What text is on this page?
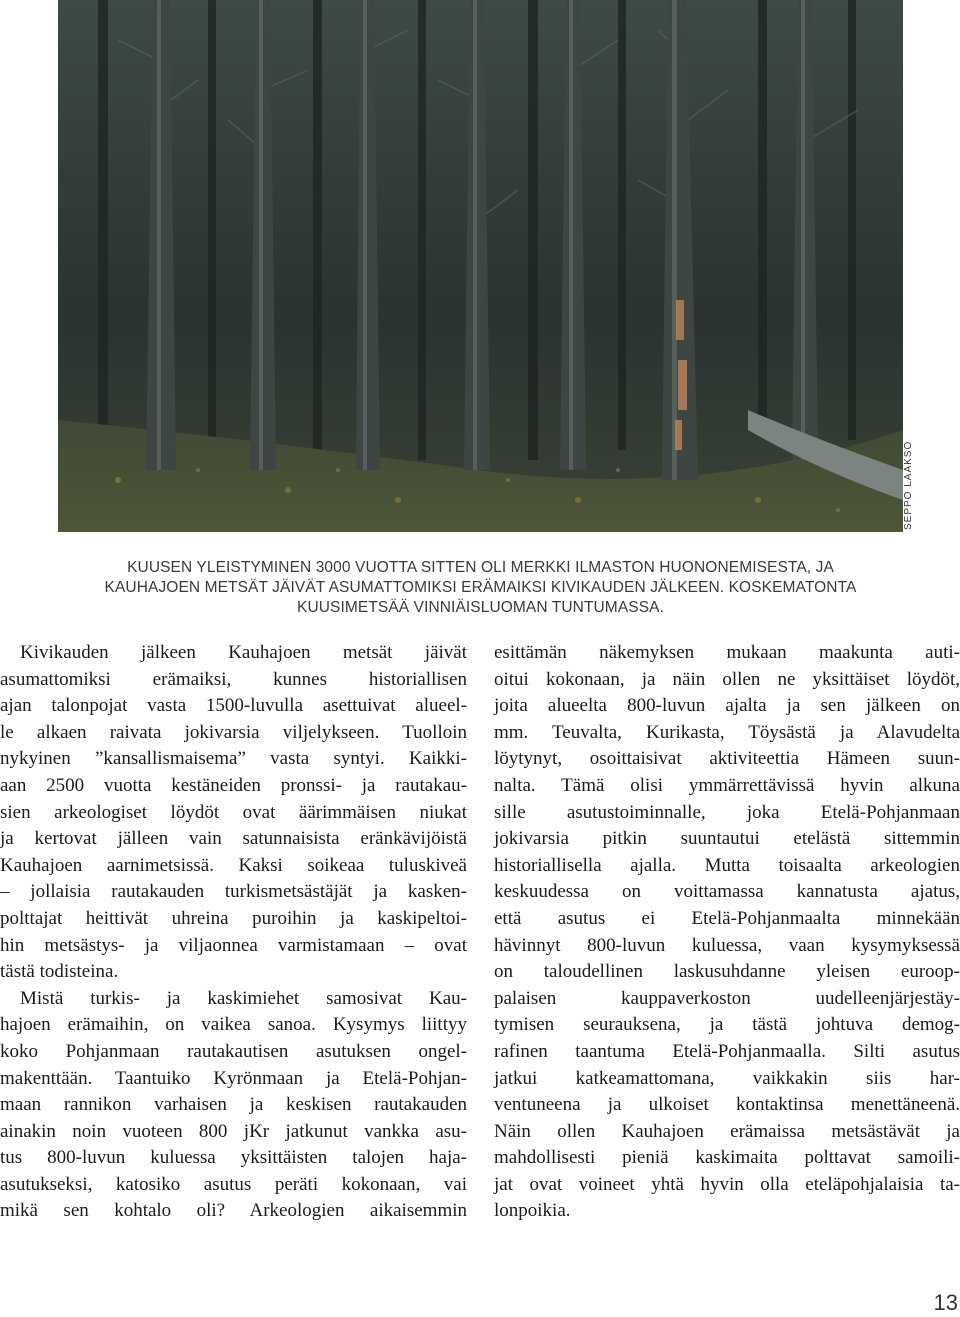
SEPPO LAAKSO
KUUSEN YLEISTYMINEN 3000 VUOTTA SITTEN OLI MERKKI ILMASTON HUONONEMISESTA, JA
KAUHAJOEN METSÄT JÄIVÄT ASUMATTOMIKSI ERÄMAIKSI KIVIKAUDEN JÄLKEEN. KOSKEMATONTA
KUUSIMETSÄÄ VINNIÄISLUOMAN TUNTUMASSA.
Kivikauden jälkeen Kauhajoen metsät jäivät
asumattomiksi erämaiksi, kunnes historiallisen
ajan talonpojat vasta 1500-luvulla asettuivat alueel-
le alkaen raivata jokivarsia viljelykseen. Tuolloin
nykyinen ”kansallismaisema” vasta syntyi. Kaikki-
aan 2500 vuotta kestäneiden pronssi- ja rautakau-
sien arkeologiset löydöt ovat äärimmäisen niukat
ja kertovat jälleen vain satunnaisista eränkävijöistä
Kauhajoen aarnimetsissä. Kaksi soikeaa tuluskiveä
– jollaisia rautakauden turkismetsästäjät ja kasken-
polttajat heittivät uhreina puroihin ja kaskipeltoi-
hin metsästys- ja viljaonnea varmistamaan – ovat
tästä todisteina.
Mistä turkis- ja kaskimiehet samosivat Kau-
hajoen erämaihin, on vaikea sanoa. Kysymys liittyy
koko Pohjanmaan rautakautisen asutuksen ongel-
makenttään. Taantuiko Kyrönmaan ja Etelä-Pohjan-
maan rannikon varhaisen ja keskisen rautakauden
ainakin noin vuoteen 800 jKr jatkunut vankka asu-
tus 800-luvun kuluessa yksittäisten talojen haja-
asutukseksi, katosiko asutus peräti kokonaan, vai
mikä sen kohtalo oli? Arkeologien aikaisemmin
esittämän näkemyksen mukaan maakunta auti-
oitui kokonaan, ja näin ollen ne yksittäiset löydöt,
joita alueelta 800-luvun ajalta ja sen jälkeen on
mm. Teuvalta, Kurikasta, Töysästä ja Alavudelta
löytynyt, osoittaisivat aktiviteettia Hämeen suun-
nalta. Tämä olisi ymmärrettävissä hyvin alkuna
sille asutustoiminnalle, joka Etelä-Pohjanmaan
jokivarsia pitkin suuntautui etelästä sittemmin
historiallisella ajalla. Mutta toisaalta arkeologien
keskuudessa on voittamassa kannatusta ajatus,
että asutus ei Etelä-Pohjanmaalta minnekään
hävinnyt 800-luvun kuluessa, vaan kysymyksessä
on taloudellinen laskusuhdanne yleisen euroop-
palaisen kauppaverkoston uudelleenjärjestäy-
tymisen seurauksena, ja tästä johtuva demog-
rafinen taantuma Etelä-Pohjanmaalla. Silti asutus
jatkui katkeamattomana, vaikkakin siis har-
ventuneena ja ulkoiset kontaktinsa menettäneenä.
Näin ollen Kauhajoen erämaissa metsästävät ja
mahdollisesti pieniä kaskimaita polttavat samoili-
jat ovat voineet yhtä hyvin olla eteläpohjalaisia ta-
lonpoikia.
13
